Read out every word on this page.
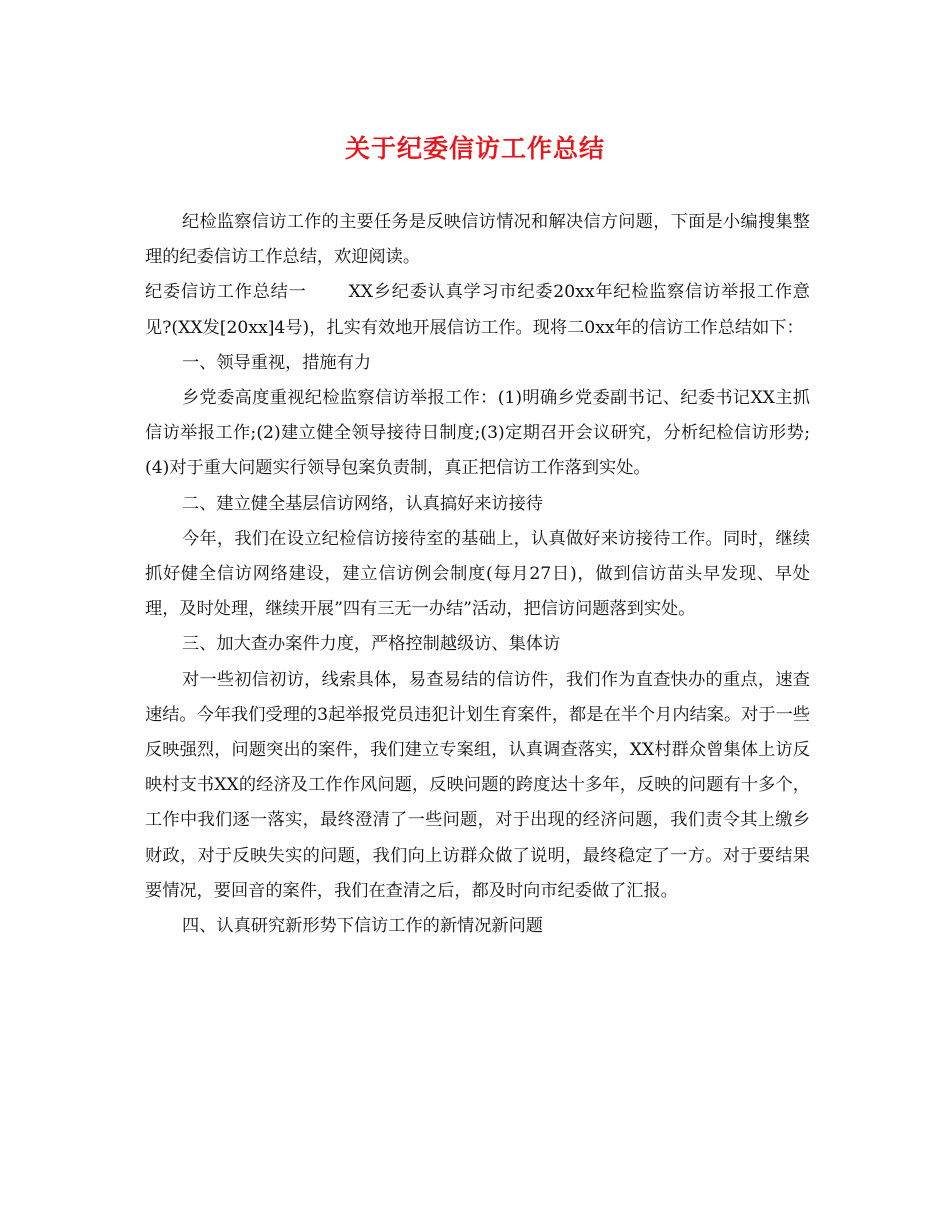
关于纪委信访工作总结

纪检监察信访工作的主要任务是反映信访情况和解决信方问题，下面是小编搜集整理的纪委信访工作总结，欢迎阅读。

纪委信访工作总结一 XX乡纪委认真学习市纪委20xx年纪检监察信访举报工作意见?(XX发[20xx]4号)，扎实有效地开展信访工作。现将二0xx年的信访工作总结如下：

一、领导重视，措施有力

乡党委高度重视纪检监察信访举报工作：(1)明确乡党委副书记、纪委书记XX主抓信访举报工作;(2)建立健全领导接待日制度;(3)定期召开会议研究，分析纪检信访形势;(4)对于重大问题实行领导包案负责制，真正把信访工作落到实处。

二、建立健全基层信访网络，认真搞好来访接待

今年，我们在设立纪检信访接待室的基础上，认真做好来访接待工作。同时，继续抓好健全信访网络建设，建立信访例会制度(每月27日)，做到信访苗头早发现、早处理，及时处理，继续开展”四有三无一办结”活动，把信访问题落到实处。

三、加大查办案件力度，严格控制越级访、集体访

对一些初信初访，线索具体，易查易结的信访件，我们作为直查快办的重点，速查速结。今年我们受理的3起举报党员违犯计划生育案件，都是在半个月内结案。对于一些反映强烈，问题突出的案件，我们建立专案组，认真调查落实，XX村群众曾集体上访反映村支书XX的经济及工作作风问题，反映问题的跨度达十多年，反映的问题有十多个，工作中我们逐一落实，最终澄清了一些问题，对于出现的经济问题，我们责令其上缴乡财政，对于反映失实的问题，我们向上访群众做了说明，最终稳定了一方。对于要结果要情况，要回音的案件，我们在查清之后，都及时向市纪委做了汇报。

四、认真研究新形势下信访工作的新情况新问题
